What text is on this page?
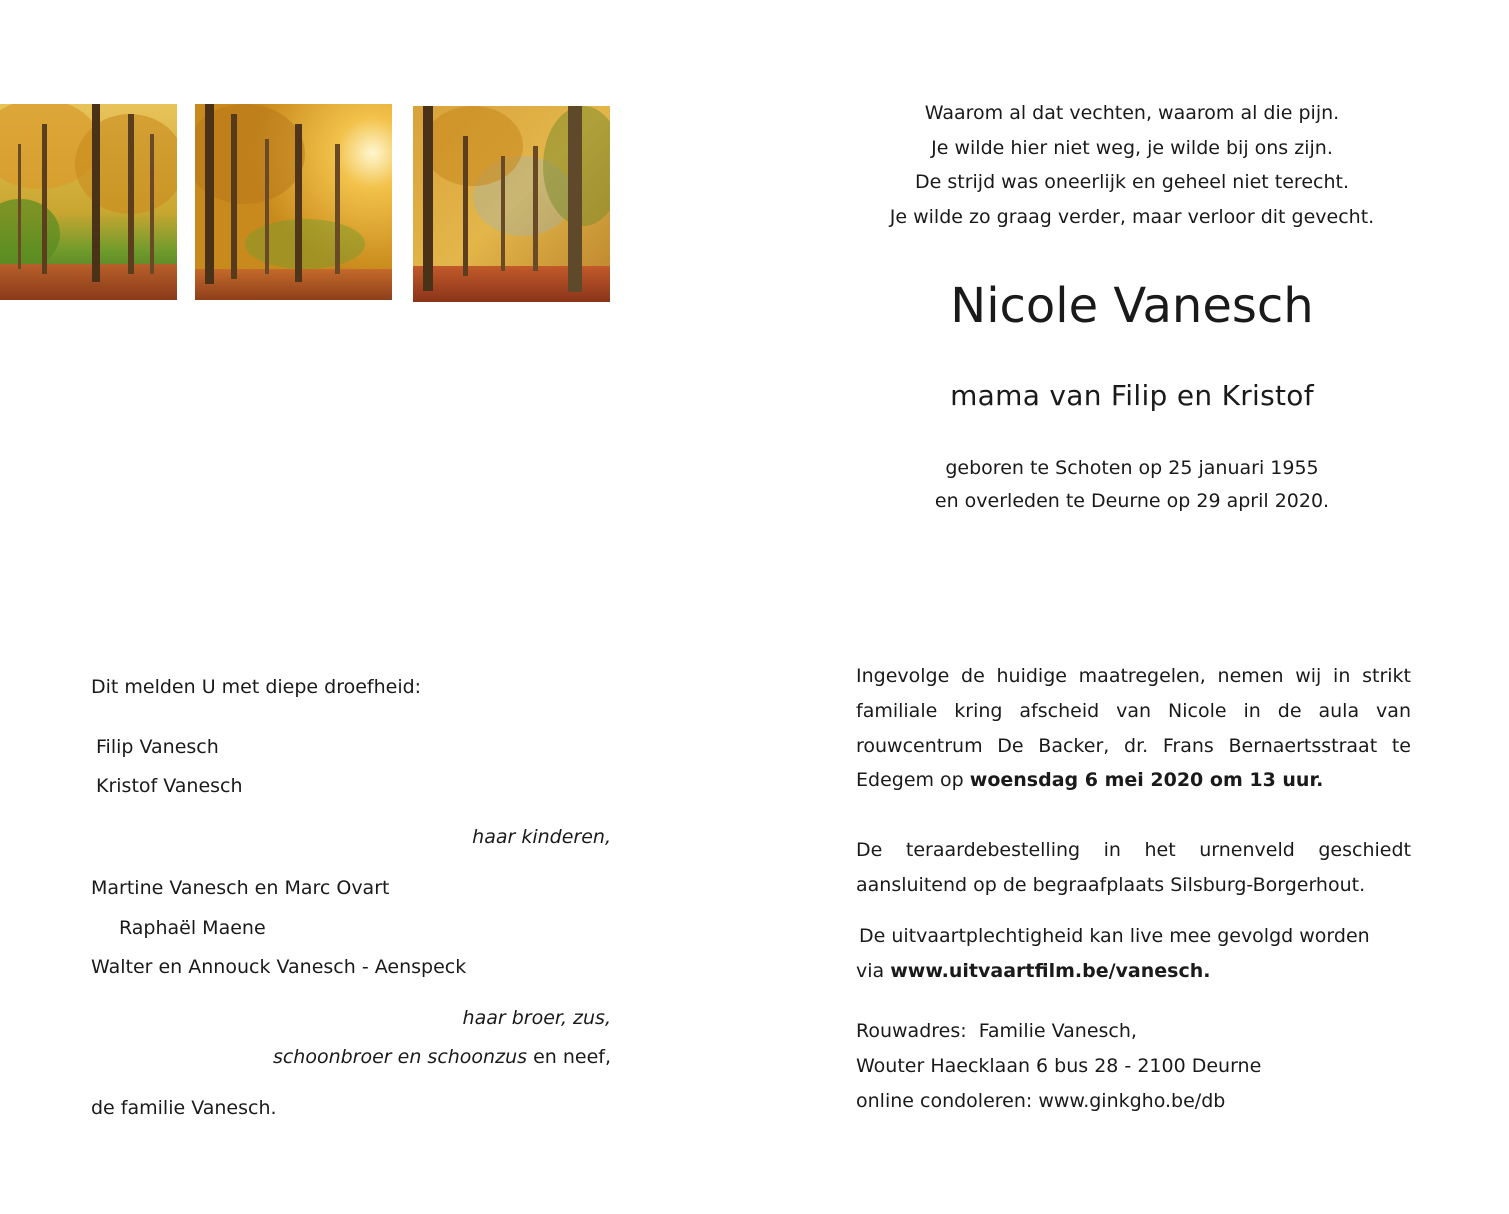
Waarom al dat vechten, waarom al die pijn.
Je wilde hier niet weg, je wilde bij ons zijn.
De strijd was oneerlijk en geheel niet terecht.
Je wilde zo graag verder, maar verloor dit gevecht.
Nicole Vanesch
mama van Filip en Kristof
geboren te Schoten op 25 januari 1955
en overleden te Deurne op 29 april 2020.
Dit melden U met diepe droefheid:
Filip Vanesch
Kristof Vanesch
haar kinderen,
Martine Vanesch en Marc Ovart
Raphaël Maene
Walter en Annouck Vanesch - Aenspeck
haar broer, zus,
schoonbroer en schoonzus en neef,
de familie Vanesch.
Ingevolge de huidige maatregelen, nemen wij in strikt familiale kring afscheid van Nicole in de aula van rouwcentrum De Backer, dr. Frans Bernaertsstraat te Edegem op woensdag 6 mei 2020 om 13 uur.
De teraardebestelling in het urnenveld geschiedt aansluitend op de begraafplaats Silsburg-Borgerhout.
De uitvaartplechtigheid kan live mee gevolgd worden
via www.uitvaartfilm.be/vanesch.
Rouwadres:  Familie Vanesch,
Wouter Haecklaan 6 bus 28 - 2100 Deurne
online condoleren: www.ginkgho.be/db
